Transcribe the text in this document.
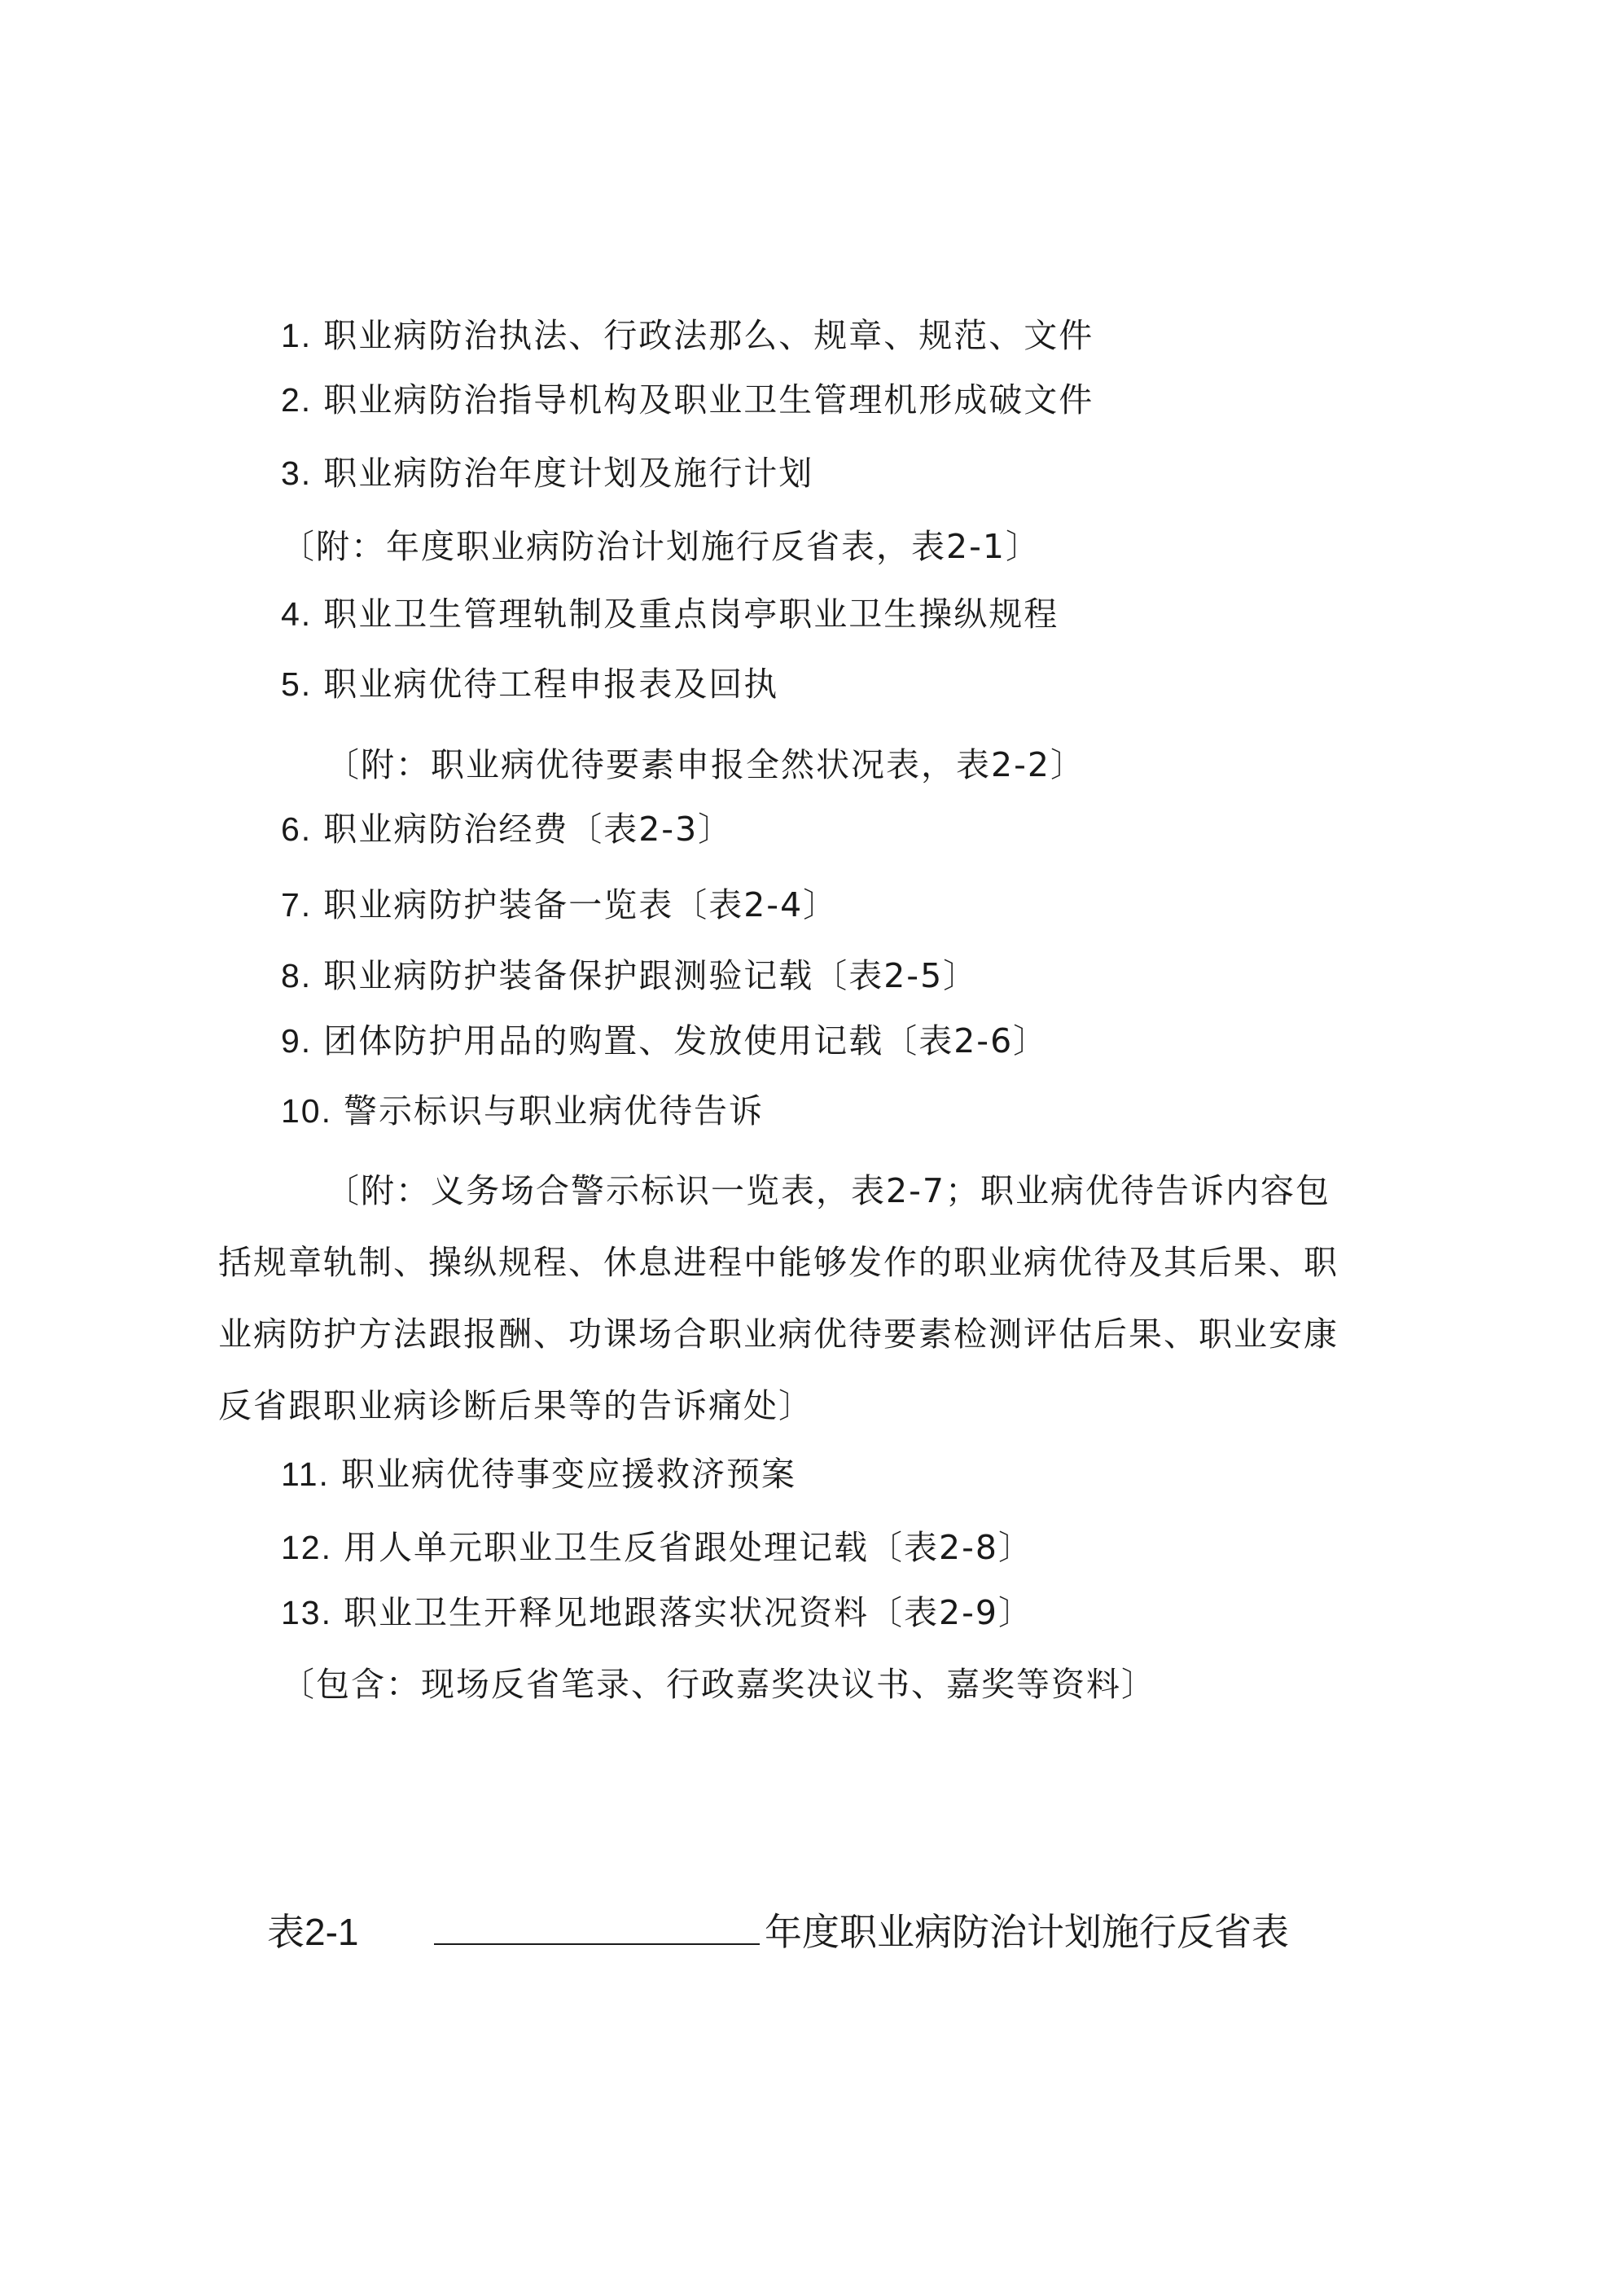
1. 职业病防治执法、行政法那么、规章、规范、文件
2. 职业病防治指导机构及职业卫生管理机形成破文件
3. 职业病防治年度计划及施行计划
〔附：年度职业病防治计划施行反省表，表2-1〕
4. 职业卫生管理轨制及重点岗亭职业卫生操纵规程
5. 职业病优待工程申报表及回执
〔附：职业病优待要素申报全然状况表，表2-2〕
6. 职业病防治经费〔表2-3〕
7. 职业病防护装备一览表〔表2-4〕
8. 职业病防护装备保护跟测验记载〔表2-5〕
9. 团体防护用品的购置、发放使用记载〔表2-6〕
10. 警示标识与职业病优待告诉
〔附：义务场合警示标识一览表，表2-7；职业病优待告诉内容包
括规章轨制、操纵规程、休息进程中能够发作的职业病优待及其后果、职
业病防护方法跟报酬、功课场合职业病优待要素检测评估后果、职业安康
反省跟职业病诊断后果等的告诉痛处〕
11. 职业病优待事变应援救济预案
12. 用人单元职业卫生反省跟处理记载〔表2-8〕
13. 职业卫生开释见地跟落实状况资料〔表2-9〕
〔包含：现场反省笔录、行政嘉奖决议书、嘉奖等资料〕
表2-1	年度职业病防治计划施行反省表
